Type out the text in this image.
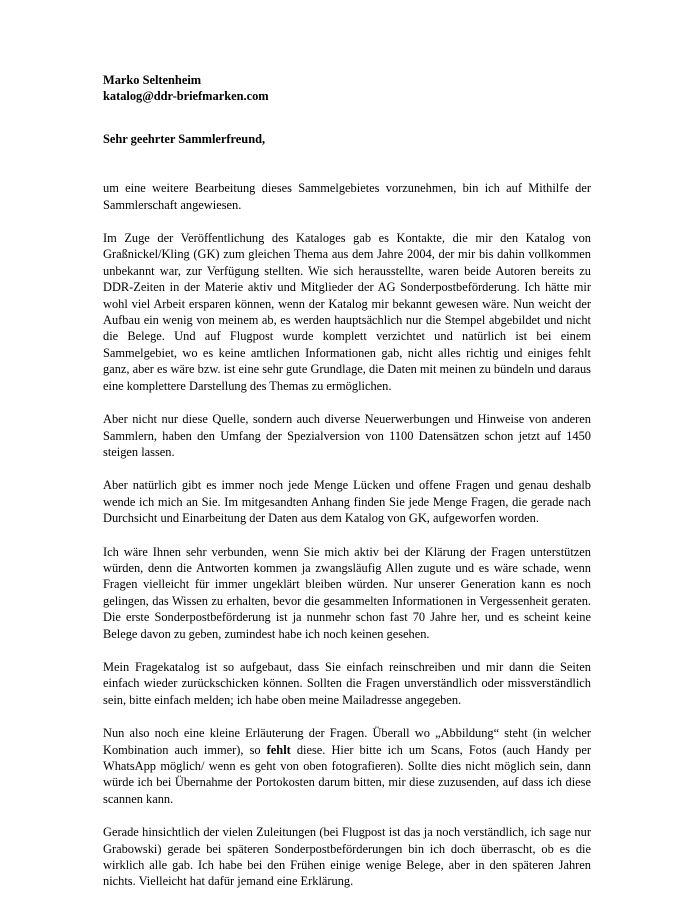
Marko Seltenheim

katalog@ddr-briefmarken.com

Sehr geehrter Sammlerfreund,

um eine weitere Bearbeitung dieses Sammelgebietes vorzunehmen, bin ich auf Mithilfe der Sammlerschaft angewiesen.

Im Zuge der Veröffentlichung des Kataloges gab es Kontakte, die mir den Katalog von Graßnickel/Kling (GK) zum gleichen Thema aus dem Jahre 2004, der mir bis dahin vollkommen unbekannt war, zur Verfügung stellten. Wie sich herausstellte, waren beide Autoren bereits zu DDR-Zeiten in der Materie aktiv und Mitglieder der AG Sonderpostbeförderung. Ich hätte mir wohl viel Arbeit ersparen können, wenn der Katalog mir bekannt gewesen wäre. Nun weicht der Aufbau ein wenig von meinem ab, es werden hauptsächlich nur die Stempel abgebildet und nicht die Belege. Und auf Flugpost wurde komplett verzichtet und natürlich ist bei einem Sammelgebiet, wo es keine amtlichen Informationen gab, nicht alles richtig und einiges fehlt ganz, aber es wäre bzw. ist eine sehr gute Grundlage, die Daten mit meinen zu bündeln und daraus eine komplettere Darstellung des Themas zu ermöglichen.

Aber nicht nur diese Quelle, sondern auch diverse Neuerwerbungen und Hinweise von anderen Sammlern, haben den Umfang der Spezialversion von 1100 Datensätzen schon jetzt auf 1450 steigen lassen.

Aber natürlich gibt es immer noch jede Menge Lücken und offene Fragen und genau deshalb wende ich mich an Sie. Im mitgesandten Anhang finden Sie jede Menge Fragen, die gerade nach Durchsicht und Einarbeitung der Daten aus dem Katalog von GK, aufgeworfen worden.

Ich wäre Ihnen sehr verbunden, wenn Sie mich aktiv bei der Klärung der Fragen unterstützen würden, denn die Antworten kommen ja zwangsläufig Allen zugute und es wäre schade, wenn Fragen vielleicht für immer ungeklärt bleiben würden. Nur unserer Generation kann es noch gelingen, das Wissen zu erhalten, bevor die gesammelten Informationen in Vergessenheit geraten. Die erste Sonderpostbeförderung ist ja nunmehr schon fast 70 Jahre her, und es scheint keine Belege davon zu geben, zumindest habe ich noch keinen gesehen.

Mein Fragekatalog ist so aufgebaut, dass Sie einfach reinschreiben und mir dann die Seiten einfach wieder zurückschicken können. Sollten die Fragen unverständlich oder missverständlich sein, bitte einfach melden; ich habe oben meine Mailadresse angegeben.

Nun also noch eine kleine Erläuterung der Fragen. Überall wo „Abbildung“ steht (in welcher Kombination auch immer), so fehlt diese. Hier bitte ich um Scans, Fotos (auch Handy per WhatsApp möglich/ wenn es geht von oben fotografieren). Sollte dies nicht möglich sein, dann würde ich bei Übernahme der Portokosten darum bitten, mir diese zuzusenden, auf dass ich diese scannen kann.

Gerade hinsichtlich der vielen Zuleitungen (bei Flugpost ist das ja noch verständlich, ich sage nur Grabowski) gerade bei späteren Sonderpostbeförderungen bin ich doch überrascht, ob es die wirklich alle gab. Ich habe bei den Frühen einige wenige Belege, aber in den späteren Jahren nichts. Vielleicht hat dafür jemand eine Erklärung.
